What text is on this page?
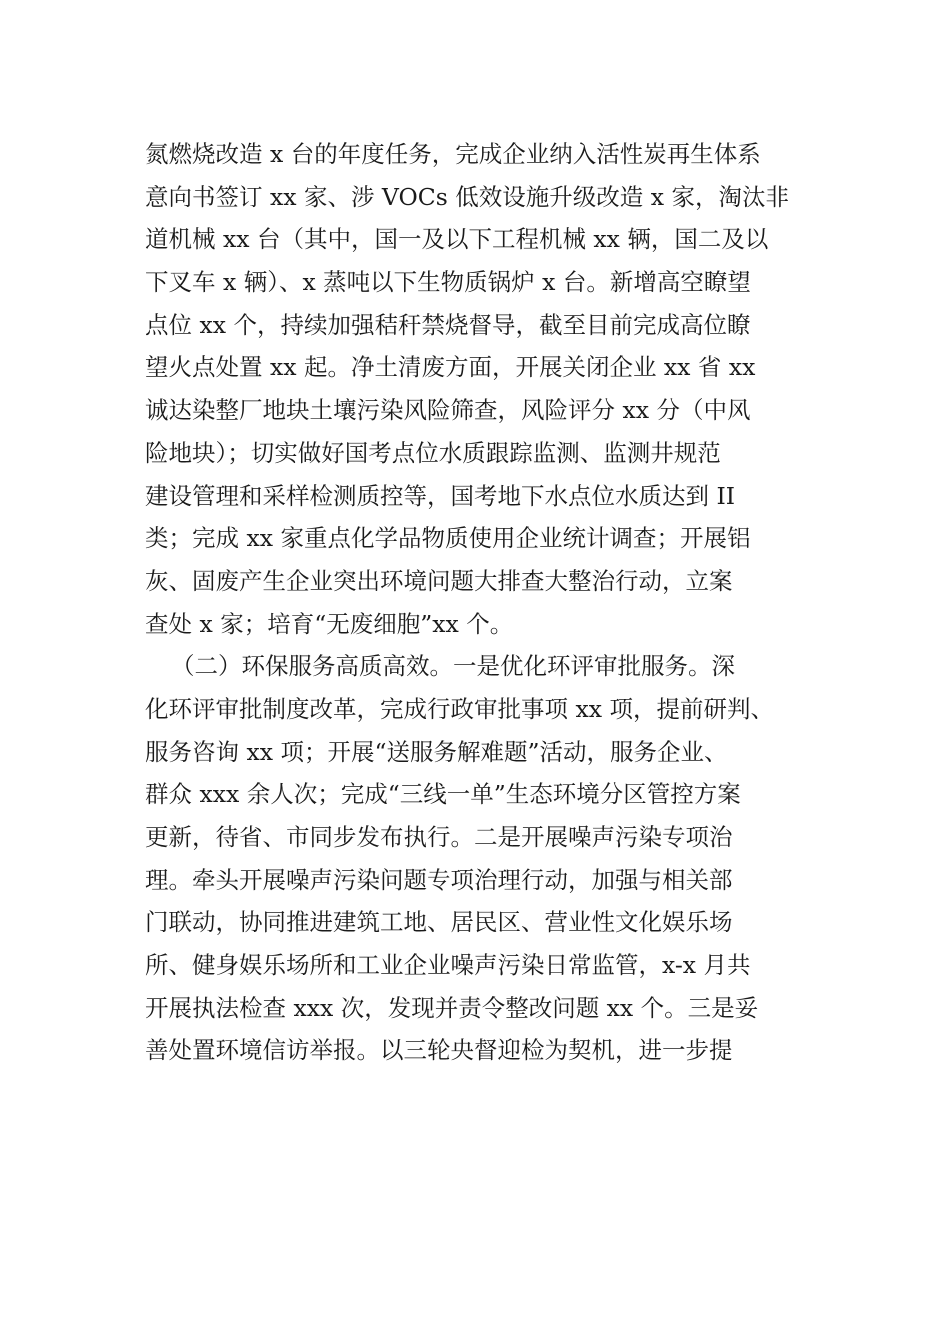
氮燃烧改造 x 台的年度任务，完成企业纳入活性炭再生体系
意向书签订 xx 家、涉 VOCs 低效设施升级改造 x 家，淘汰非
道机械 xx 台（其中，国一及以下工程机械 xx 辆，国二及以
下叉车 x 辆）、x 蒸吨以下生物质锅炉 x 台。新增高空瞭望
点位 xx 个，持续加强秸秆禁烧督导，截至目前完成高位瞭
望火点处置 xx 起。净土清废方面，开展关闭企业 xx 省 xx
诚达染整厂地块土壤污染风险筛查，风险评分 xx 分（中风
险地块）；切实做好国考点位水质跟踪监测、监测井规范
建设管理和采样检测质控等，国考地下水点位水质达到 II
类；完成 xx 家重点化学品物质使用企业统计调查；开展铝
灰、固废产生企业突出环境问题大排查大整治行动，立案
查处 x 家；培育“无废细胞”xx 个。
（二）环保服务高质高效。一是优化环评审批服务。深
化环评审批制度改革，完成行政审批事项 xx 项，提前研判、
服务咨询 xx 项；开展“送服务解难题”活动，服务企业、
群众 xxx 余人次；完成“三线一单”生态环境分区管控方案
更新，待省、市同步发布执行。二是开展噪声污染专项治
理。牵头开展噪声污染问题专项治理行动，加强与相关部
门联动，协同推进建筑工地、居民区、营业性文化娱乐场
所、健身娱乐场所和工业企业噪声污染日常监管，x-x 月共
开展执法检查 xxx 次，发现并责令整改问题 xx 个。三是妥
善处置环境信访举报。以三轮央督迎检为契机，进一步提
